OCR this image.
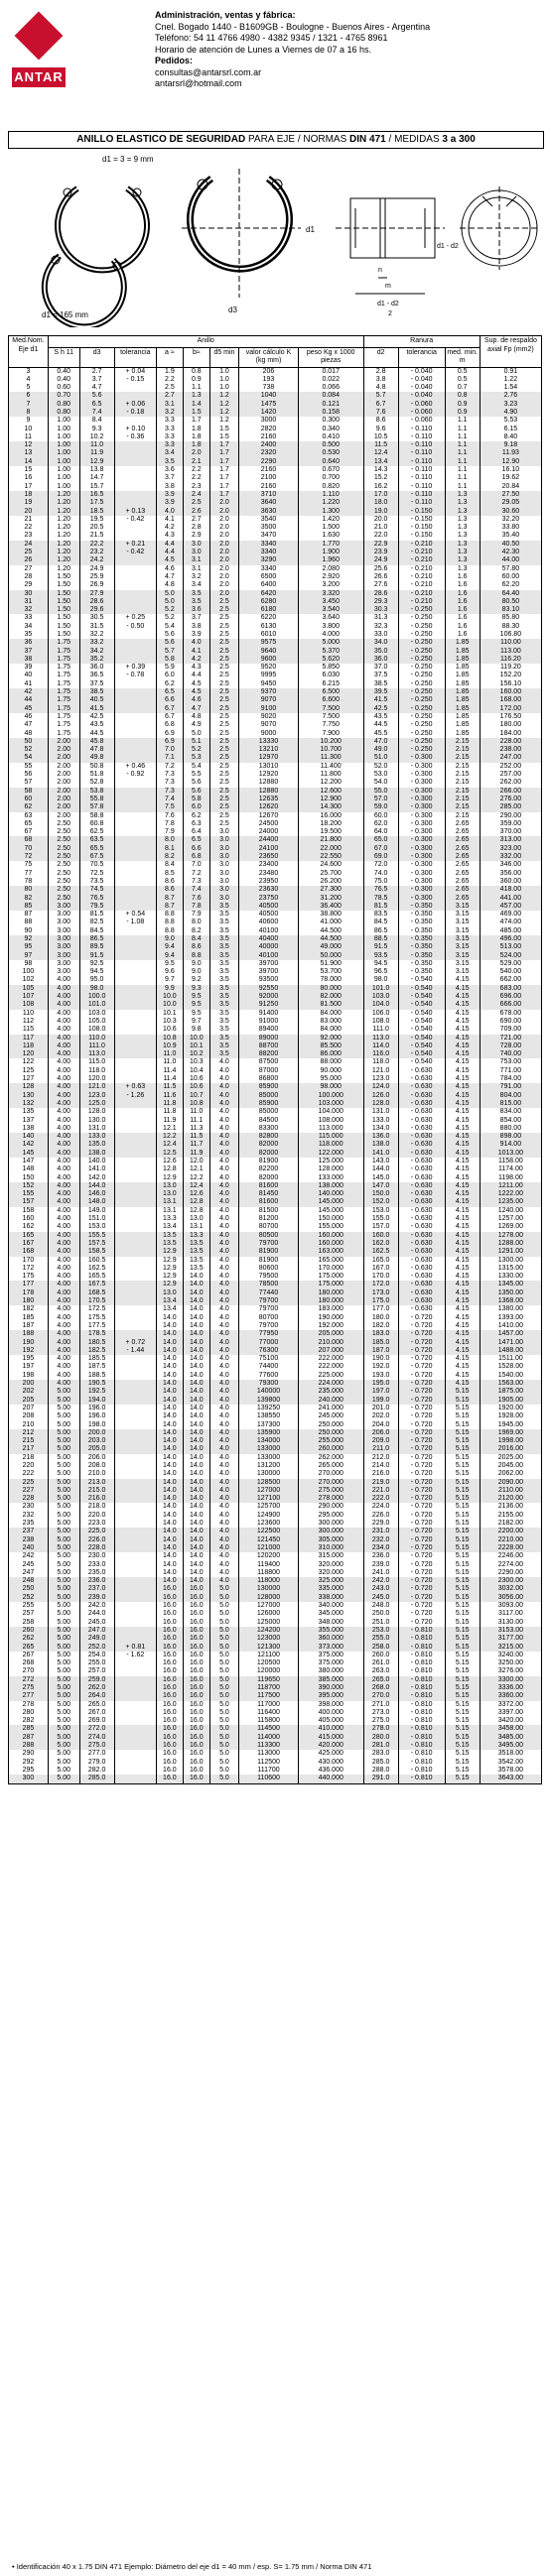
ANTAR
Administración, ventas y fábrica:
Cnel. Bogado 1440 - B1609GB - Boulogne - Buenos Aires - Argentina
Teléfono: 54 11 4766 4980 - 4382 9345 / 1321 - 4765 8961
Horario de atención de Lunes a Viernes de 07 a 16 hs.
Pedidos:
consultas@antarsrl.com.ar
antarsrl@hotmail.com
ANILLO ELASTICO DE SEGURIDAD PARA EJE / NORMAS DIN 471 / MEDIDAS 3 a 300
d1 = 3 = 9 mm
d1 = 165 mm
d3
d1
d1 - d2
n
m
d1 - d2
2
Med.Nom. Eje d1	Anillo								Ranura			Sup. de respaldo axial Fp (mm2)
	S h 11	d3	tolerancia	a ≈	b≈	d5 min	valor cálculo K (kg mm)	peso Kg x 1000 piezas	d2	tolerancia	med. min. m	
3	0.40	2.7	+ 0.04	1.9	0.8	1.0	206	0.017	2.8	- 0.040	0.5	0.91
4	0.40	3.7	- 0.15	2.2	0.9	1.0	193	0.022	3.8	- 0.040	0.5	1.22
5	0.60	4.7		2.5	1.1	1.0	738	0.066	4.8	- 0.040	0.7	1.54
6	0.70	5.6		2.7	1.3	1.2	1040	0.084	5.7	- 0.040	0.8	2.76
7	0.80	6.5	+ 0.06	3.1	1.4	1.2	1475	0.121	6.7	- 0.060	0.9	3.23
8	0.80	7.4	- 0.18	3.2	1.5	1.2	1420	0.158	7.6	- 0.060	0.9	4.90
9	1.00	8.4		3.3	1.7	1.2	3000	0.300	8.6	- 0.060	1.1	5.53
10	1.00	9.3	+ 0.10	3.3	1.8	1.5	2820	0.340	9.6	- 0.110	1.1	6.15
11	1.00	10.2	- 0.36	3.3	1.8	1.5	2160	0.410	10.5	- 0.110	1.1	8.40
12	1.00	11.0		3.3	1.8	1.7	2400	0.500	11.5	- 0.110	1.1	9.18
13	1.00	11.9		3.4	2.0	1.7	2320	0.530	12.4	- 0.110	1.1	11.93
14	1.00	12.9		3.5	2.1	1.7	2290	0.640	13.4	- 0.110	1.1	12.90
15	1.00	13.8		3.6	2.2	1.7	2160	0.670	14.3	- 0.110	1.1	16.10
16	1.00	14.7		3.7	2.2	1.7	2100	0.700	15.2	- 0.110	1.1	19.62
17	1.00	15.7		3.8	2.3	1.7	2160	0.820	16.2	- 0.110	1.1	20.84
18	1.20	16.5		3.9	2.4	1.7	3710	1.110	17.0	- 0.110	1.3	27.50
19	1.20	17.5		3.9	2.5	2.0	3640	1.220	18.0	- 0.110	1.3	29.05
20	1.20	18.5	+ 0.13	4.0	2.6	2.0	3630	1.300	19.0	- 0.150	1.3	30.60
21	1.20	19.5	- 0.42	4.1	2.7	2.0	3540	1.420	20.0	- 0.150	1.3	32.20
22	1.20	20.5		4.2	2.8	2.0	3500	1.500	21.0	- 0.150	1.3	33.80
23	1.20	21.5		4.3	2.9	2.0	3470	1.630	22.0	- 0.150	1.3	35.40
24	1.20	22.2	+ 0.21	4.4	3.0	2.0	3340	1.770	22.9	- 0.210	1.3	40.50
25	1.20	23.2	- 0.42	4.4	3.0	2.0	3340	1.900	23.9	- 0.210	1.3	42.30
26	1.20	24.2		4.5	3.1	2.0	3290	1.960	24.9	- 0.210	1.3	44.00
27	1.20	24.9		4.6	3.1	2.0	3340	2.080	25.6	- 0.210	1.3	57.80
28	1.50	25.9		4.7	3.2	2.0	6500	2.920	26.6	- 0.210	1.6	60.00
29	1.50	26.9		4.8	3.4	2.0	6400	3.200	27.6	- 0.210	1.6	62.20
30	1.50	27.9		5.0	3.5	2.0	6420	3.320	28.6	- 0.210	1.6	64.40
31	1.50	28.6		5.0	3.5	2.5	6280	3.450	29.3	- 0.210	1.6	80.50
32	1.50	29.6		5.2	3.6	2.5	6180	3.540	30.3	- 0.250	1.6	83.10
33	1.50	30.5	+ 0.25	5.2	3.7	2.5	6220	3.640	31.3	- 0.250	1.6	85.80
34	1.50	31.5	- 0.50	5.4	3.8	2.5	6130	3.800	32.3	- 0.250	1.6	88.30
35	1.50	32.2		5.6	3.9	2.5	6010	4.000	33.0	- 0.250	1.6	106.80
36	1.75	33.2		5.6	4.0	2.5	9575	5.000	34.0	- 0.250	1.85	110.00
37	1.75	34.2		5.7	4.1	2.5	9640	5.370	35.0	- 0.250	1.85	113.00
38	1.75	35.2		5.8	4.2	2.5	9600	5.620	36.0	- 0.250	1.85	116.20
39	1.75	36.0	+ 0.39	5.9	4.3	2.5	9520	5.850	37.0	- 0.250	1.85	119.20
40	1.75	36.5	- 0.78	6.0	4.4	2.5	9995	6.030	37.5	- 0.250	1.85	152.20
41	1.75	37.5		6.2	4.5	2.5	9450	6.215	38.5	- 0.250	1.85	156.10
42	1.75	38.5		6.5	4.5	2.5	9370	6.500	39.5	- 0.250	1.85	160.00
44	1.75	40.5		6.6	4.6	2.5	9070	6.600	41.5	- 0.250	1.85	168.00
45	1.75	41.5		6.7	4.7	2.5	9100	7.500	42.5	- 0.250	1.85	172.00
46	1.75	42.5		6.7	4.8	2.5	9020	7.500	43.5	- 0.250	1.85	176.50
47	1.75	43.5		6.8	4.9	2.5	9070	7.750	44.5	- 0.250	1.85	180.00
48	1.75	44.5		6.9	5.0	2.5	9000	7.900	45.5	- 0.250	1.85	184.00
50	2.00	45.8		6.9	5.1	2.5	13330	10.200	47.0	- 0.250	2.15	228.00
52	2.00	47.8		7.0	5.2	2.5	13210	10.700	49.0	- 0.250	2.15	238.00
54	2.00	49.8		7.1	5.3	2.5	12970	11.300	51.0	- 0.300	2.15	247.00
55	2.00	50.8	+ 0.46	7.2	5.4	2.5	13010	11.400	52.0	- 0.300	2.15	252.00
56	2.00	51.8	- 0.92	7.3	5.5	2.5	12920	11.800	53.0	- 0.300	2.15	257.00
57	2.00	52.8		7.3	5.6	2.5	12880	12.200	54.0	- 0.300	2.15	262.00
58	2.00	53.8		7.3	5.6	2.5	12880	12.600	55.0	- 0.300	2.15	266.00
60	2.00	55.8		7.4	5.8	2.5	12635	12.900	57.0	- 0.300	2.15	276.00
62	2.00	57.8		7.5	6.0	2.5	12620	14.300	59.0	- 0.300	2.15	285.00
63	2.00	58.8		7.6	6.2	2.5	12670	16.000	60.0	- 0.300	2.15	290.00
65	2.50	60.8		7.8	6.3	2.5	24500	18.200	62.0	- 0.300	2.65	359.00
67	2.50	62.5		7.9	6.4	3.0	24000	19.500	64.0	- 0.300	2.65	370.00
68	2.50	63.5		8.0	6.5	3.0	24400	21.800	65.0	- 0.300	2.65	313.00
70	2.50	65.5		8.1	6.6	3.0	24100	22.000	67.0	- 0.300	2.65	323.00
72	2.50	67.5		8.2	6.8	3.0	23650	22.550	69.0	- 0.300	2.65	332.00
75	2.50	70.5		8.4	7.0	3.0	23400	24.600	72.0	- 0.300	2.65	346.00
77	2.50	72.5		8.5	7.2	3.0	23480	25.700	74.0	- 0.300	2.65	356.00
78	2.50	73.5		8.6	7.3	3.0	23950	26.200	75.0	- 0.300	2.65	360.00
80	2.50	74.5		8.6	7.4	3.0	23630	27.300	76.5	- 0.300	2.65	418.00
82	2.50	76.5		8.7	7.6	3.0	23750	31.200	78.5	- 0.300	2.65	441.00
85	3.00	79.5		8.7	7.8	3.5	40500	36.400	81.5	- 0.350	3.15	457.00
87	3.00	81.5	+ 0.54	8.8	7.9	3.5	40500	38.800	83.5	- 0.350	3.15	469.00
88	3.00	82.5	- 1.08	8.8	8.0	3.5	40600	41.000	84.5	- 0.350	3.15	474.00
90	3.00	84.5		8.8	8.2	3.5	40100	44.500	86.5	- 0.350	3.15	485.00
92	3.00	86.5		9.0	8.4	3.5	40400	44.500	88.5	- 0.350	3.15	496.00
95	3.00	89.5		9.4	8.6	3.5	40000	49.000	91.5	- 0.350	3.15	513.00
97	3.00	91.5		9.4	8.8	3.5	40100	50.000	93.5	- 0.350	3.15	524.00
98	3.00	92.5		9.5	9.0	3.5	39700	51.900	94.5	- 0.350	3.15	529.00
100	3.00	94.5		9.6	9.0	3.5	39700	53.700	96.5	- 0.350	3.15	540.00
102	4.00	95.0		9.7	9.2	3.5	93500	78.000	98.0	- 0.540	4.15	662.00
105	4.00	98.0		9.9	9.3	3.5	92550	80.000	101.0	- 0.540	4.15	683.00
107	4.00	100.0		10.0	9.5	3.5	92000	82.000	103.0	- 0.540	4.15	696.00
108	4.00	101.0		10.0	9.5	3.5	91250	81.500	104.0	- 0.540	4.15	666.00
110	4.00	103.0		10.1	9.5	3.5	91400	84.000	106.0	- 0.540	4.15	678.00
112	4.00	105.0		10.3	9.7	3.5	91000	83.000	108.0	- 0.540	4.15	690.00
115	4.00	108.0		10.6	9.8	3.5	89400	84.000	111.0	- 0.540	4.15	709.00
117	4.00	110.0		10.8	10.0	3.5	89000	92.000	113.0	- 0.540	4.15	721.00
118	4.00	111.0		10.9	10.1	3.5	88700	85.500	114.0	- 0.540	4.15	728.00
120	4.00	113.0		11.0	10.2	3.5	88200	86.000	116.0	- 0.540	4.15	740.00
122	4.00	115.0		11.0	10.3	4.0	87500	88.000	118.0	- 0.540	4.15	753.00
125	4.00	118.0		11.4	10.4	4.0	87000	90.000	121.0	- 0.630	4.15	771.00
127	4.00	120.0		11.4	10.6	4.0	86800	95.000	123.0	- 0.630	4.15	784.00
128	4.00	121.0	+ 0.63	11.5	10.6	4.0	85900	98.000	124.0	- 0.630	4.15	791.00
130	4.00	123.0	- 1.26	11.6	10.7	4.0	85000	100.000	126.0	- 0.630	4.15	804.00
132	4.00	125.0		11.8	10.8	4.0	85900	103.000	128.0	- 0.630	4.15	815.00
135	4.00	128.0		11.8	11.0	4.0	85000	104.000	131.0	- 0.630	4.15	834.00
137	4.00	130.0		11.9	11.1	4.0	84500	108.000	133.0	- 0.630	4.15	854.00
138	4.00	131.0		12.1	11.3	4.0	83300	113.000	134.0	- 0.630	4.15	880.00
140	4.00	133.0		12.2	11.5	4.0	82800	115.000	136.0	- 0.630	4.15	898.00
142	4.00	135.0		12.4	11.7	4.0	82000	118.000	138.0	- 0.630	4.15	914.00
145	4.00	138.0		12.5	11.9	4.0	82000	122.000	141.0	- 0.630	4.15	1013.00
147	4.00	140.0		12.6	12.0	4.0	81900	125.000	143.0	- 0.630	4.15	1158.00
148	4.00	141.0		12.8	12.1	4.0	82200	128.000	144.0	- 0.630	4.15	1174.00
150	4.00	142.0		12.9	12.2	4.0	82000	133.000	145.0	- 0.630	4.15	1198.00
152	4.00	144.0		13.0	12.4	4.0	81600	138.000	147.0	- 0.630	4.15	1211.00
155	4.00	146.0		13.0	12.6	4.0	81450	140.000	150.0	- 0.630	4.15	1222.00
157	4.00	148.0		13.1	12.8	4.0	81600	145.000	152.0	- 0.630	4.15	1235.00
158	4.00	149.0		13.1	12.8	4.0	81500	145.000	153.0	- 0.630	4.15	1240.00
160	4.00	151.0		13.3	13.0	4.0	81200	150.000	155.0	- 0.630	4.15	1257.00
162	4.00	153.0		13.4	13.1	4.0	80700	155.000	157.0	- 0.630	4.15	1269.00
165	4.00	155.5		13.5	13.3	4.0	80500	160.000	160.0	- 0.630	4.15	1278.00
167	4.00	157.5		13.5	13.5	4.0	79700	160.000	162.0	- 0.630	4.15	1288.00
168	4.00	158.5		12.9	13.5	4.0	81900	163.000	162.5	- 0.630	4.15	1291.00
170	4.00	160.5		12.9	13.5	4.0	81900	165.000	165.0	- 0.630	4.15	1300.00
172	4.00	162.5		12.9	13.5	4.0	80600	170.000	167.0	- 0.630	4.15	1315.00
175	4.00	165.5		12.9	14.0	4.0	79500	175.000	170.0	- 0.630	4.15	1330.00
177	4.00	167.5		12.9	14.0	4.0	78500	175.000	172.0	- 0.630	4.15	1345.00
178	4.00	168.5		13.0	14.0	4.0	77440	180.000	173.0	- 0.630	4.15	1350.00
180	4.00	170.5		13.4	14.0	4.0	79700	180.000	175.0	- 0.630	4.15	1368.00
182	4.00	172.5		13.4	14.0	4.0	79700	183.000	177.0	- 0.630	4.15	1380.00
185	4.00	175.5		14.0	14.0	4.0	80700	190.000	180.0	- 0.720	4.15	1393.00
187	4.00	177.5		14.0	14.0	4.0	79700	192.000	182.0	- 0.720	4.15	1410.00
188	4.00	178.5		14.0	14.0	4.0	77950	205.000	183.0	- 0.720	4.15	1457.00
190	4.00	180.5	+ 0.72	14.0	14.0	4.0	77000	210.000	185.0	- 0.720	4.15	1471.00
192	4.00	182.5	- 1.44	14.0	14.0	4.0	76300	207.000	187.0	- 0.720	4.15	1488.00
195	4.00	185.5		14.0	14.0	4.0	75100	222.000	190.0	- 0.720	4.15	1511.00
197	4.00	187.5		14.0	14.0	4.0	74400	222.000	192.0	- 0.720	4.15	1528.00
198	4.00	188.5		14.0	14.0	4.0	77600	225.000	193.0	- 0.720	4.15	1540.00
200	4.00	190.5		14.0	14.0	4.0	79300	224.000	195.0	- 0.720	4.15	1563.00
202	5.00	192.5		14.0	14.0	4.0	140000	235.000	197.0	- 0.720	5.15	1875.00
205	5.00	194.0		14.0	14.0	4.0	139800	240.000	199.0	- 0.720	5.15	1905.00
207	5.00	196.0		14.0	14.0	4.0	139250	241.000	201.0	- 0.720	5.15	1920.00
208	5.00	196.0		14.0	14.0	4.0	138550	245.000	202.0	- 0.720	5.15	1928.00
210	5.00	198.0		14.0	14.0	4.0	137300	250.000	204.0	- 0.720	5.15	1945.00
212	5.00	200.0		14.0	14.0	4.0	135900	250.000	206.0	- 0.720	5.15	1969.00
215	5.00	203.0		14.0	14.0	4.0	134000	255.000	209.0	- 0.720	5.15	1998.00
217	5.00	205.0		14.0	14.0	4.0	133000	260.000	211.0	- 0.720	5.15	2016.00
218	5.00	206.0		14.0	14.0	4.0	133000	262.000	212.0	- 0.720	5.15	2025.00
220	5.00	208.0		14.0	14.0	4.0	131200	265.000	214.0	- 0.720	5.15	2045.00
222	5.00	210.0		14.0	14.0	4.0	130000	270.000	216.0	- 0.720	5.15	2062.00
225	5.00	213.0		14.0	14.0	4.0	128500	270.000	219.0	- 0.720	5.15	2090.00
227	5.00	215.0		14.0	14.0	4.0	127000	275.000	221.0	- 0.720	5.15	2110.00
228	5.00	216.0		14.0	14.0	4.0	127100	278.000	222.0	- 0.720	5.15	2120.00
230	5.00	218.0		14.0	14.0	4.0	125700	290.000	224.0	- 0.720	5.15	2136.00
232	5.00	220.0		14.0	14.0	4.0	124900	295.000	226.0	- 0.720	5.15	2155.00
235	5.00	223.0		14.0	14.0	4.0	123600	300.000	229.0	- 0.720	5.15	2182.00
237	5.00	225.0		14.0	14.0	4.0	122500	300.000	231.0	- 0.720	5.15	2200.00
238	5.00	226.0		14.0	14.0	4.0	121450	305.000	232.0	- 0.720	5.15	2210.00
240	5.00	228.0		14.0	14.0	4.0	121000	310.000	234.0	- 0.720	5.15	2228.00
242	5.00	230.0		14.0	14.0	4.0	120200	315.000	236.0	- 0.720	5.15	2246.00
245	5.00	233.0		14.0	14.0	4.0	119400	320.000	239.0	- 0.720	5.15	2274.00
247	5.00	235.0		14.0	14.0	4.0	118800	320.000	241.0	- 0.720	5.15	2290.00
248	5.00	236.0		14.0	14.0	4.0	118000	325.000	242.0	- 0.720	5.15	2300.00
250	5.00	237.0		16.0	16.0	5.0	130000	335.000	243.0	- 0.720	5.15	3032.00
252	5.00	239.0		16.0	16.0	5.0	128000	338.000	245.0	- 0.720	5.15	3056.00
255	5.00	242.0		16.0	16.0	5.0	127000	340.000	248.0	- 0.720	5.15	3093.00
257	5.00	244.0		16.0	16.0	5.0	126000	345.000	250.0	- 0.720	5.15	3117.00
258	5.00	245.0		16.0	16.0	5.0	125000	348.000	251.0	- 0.720	5.15	3130.00
260	5.00	247.0		16.0	16.0	5.0	124200	355.000	253.0	- 0.810	5.15	3153.00
262	5.00	249.0		16.0	16.0	5.0	123000	360.000	255.0	- 0.810	5.15	3177.00
265	5.00	252.0	+ 0.81	16.0	16.0	5.0	121300	373.000	258.0	- 0.810	5.15	3215.00
267	5.00	254.0	- 1.62	16.0	16.0	5.0	121100	375.000	260.0	- 0.810	5.15	3240.00
268	5.00	255.0		16.0	16.0	5.0	120500	375.000	261.0	- 0.810	5.15	3250.00
270	5.00	257.0		16.0	16.0	5.0	120000	380.000	263.0	- 0.810	5.15	3276.00
272	5.00	259.0		16.0	16.0	5.0	119650	385.000	265.0	- 0.810	5.15	3300.00
275	5.00	262.0		16.0	16.0	5.0	118700	390.000	268.0	- 0.810	5.15	3336.00
277	5.00	264.0		16.0	16.0	5.0	117500	395.000	270.0	- 0.810	5.15	3360.00
278	5.00	265.0		16.0	16.0	5.0	117000	398.000	271.0	- 0.810	5.15	3372.00
280	5.00	267.0		16.0	16.0	5.0	116400	400.000	273.0	- 0.810	5.15	3397.00
282	5.00	269.0		16.0	16.0	5.0	115800	405.000	275.0	- 0.810	5.15	3420.00
285	5.00	272.0		16.0	16.0	5.0	114500	410.000	278.0	- 0.810	5.15	3458.00
287	5.00	274.0		16.0	16.0	5.0	114000	415.000	280.0	- 0.810	5.15	3485.00
288	5.00	275.0		16.0	16.0	5.0	113300	420.000	281.0	- 0.810	5.15	3495.00
290	5.00	277.0		16.0	16.0	5.0	113000	425.000	283.0	- 0.810	5.15	3518.00
292	5.00	279.0		16.0	16.0	5.0	112500	430.000	285.0	- 0.810	5.15	3542.00
295	5.00	282.0		16.0	16.0	5.0	111700	436.000	288.0	- 0.810	5.15	3578.00
300	5.00	285.0		16.0	16.0	5.0	110600	440.000	291.0	- 0.810	5.15	3643.00
• Identificación 40 x 1.75 DIN 471 Ejemplo: Diámetro del eje d1 = 40 mm / esp. S= 1.75 mm / Norma DIN 471
